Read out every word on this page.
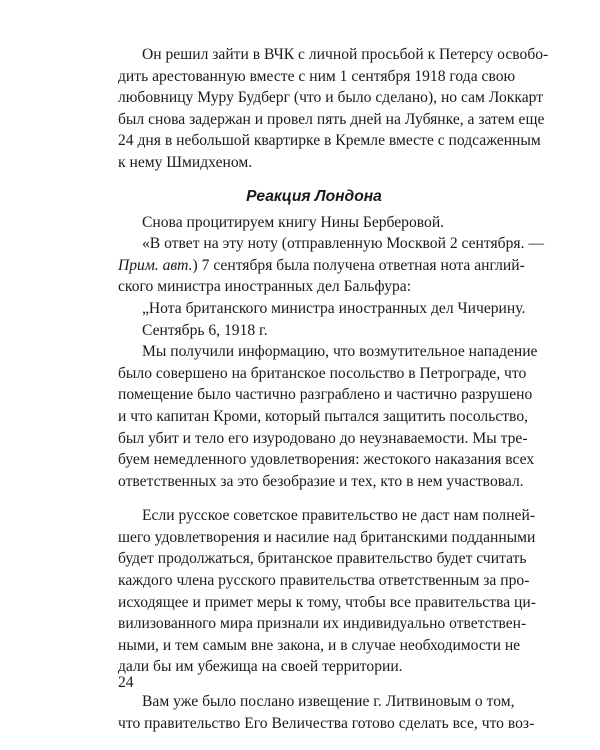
Он решил зайти в ВЧК с личной просьбой к Петерсу освобо-
дить арестованную вместе с ним 1 сентября 1918 года свою
любовницу Муру Будберг (что и было сделано), но сам Локкарт
был снова задержан и провел пять дней на Лубянке, а затем еще
24 дня в небольшой квартирке в Кремле вместе с подсаженным
к нему Шмидхеном.
Реакция Лондона
Снова процитируем книгу Нины Берберовой.
«В ответ на эту ноту (отправленную Москвой 2 сентября. —
Прим. авт.) 7 сентября была получена ответная нота англий-
ского министра иностранных дел Бальфура:
„Нота британского министра иностранных дел Чичерину.
Сентябрь 6, 1918 г.
Мы получили информацию, что возмутительное нападение
было совершено на британское посольство в Петрограде, что
помещение было частично разграблено и частично разрушено
и что капитан Кроми, который пытался защитить посольство,
был убит и тело его изуродовано до неузнаваемости. Мы тре-
буем немедленного удовлетворения: жестокого наказания всех
ответственных за это безобразие и тех, кто в нем участвовал.
Если русское советское правительство не даст нам полней-
шего удовлетворения и насилие над британскими подданными
будет продолжаться, британское правительство будет считать
каждого члена русского правительства ответственным за про-
исходящее и примет меры к тому, чтобы все правительства ци-
вилизованного мира признали их индивидуально ответствен-
ными, и тем самым вне закона, и в случае необходимости не
дали бы им убежища на своей территории.
Вам уже было послано извещение г. Литвиновым о том,
что правительство Его Величества готово сделать все, что воз-
24
